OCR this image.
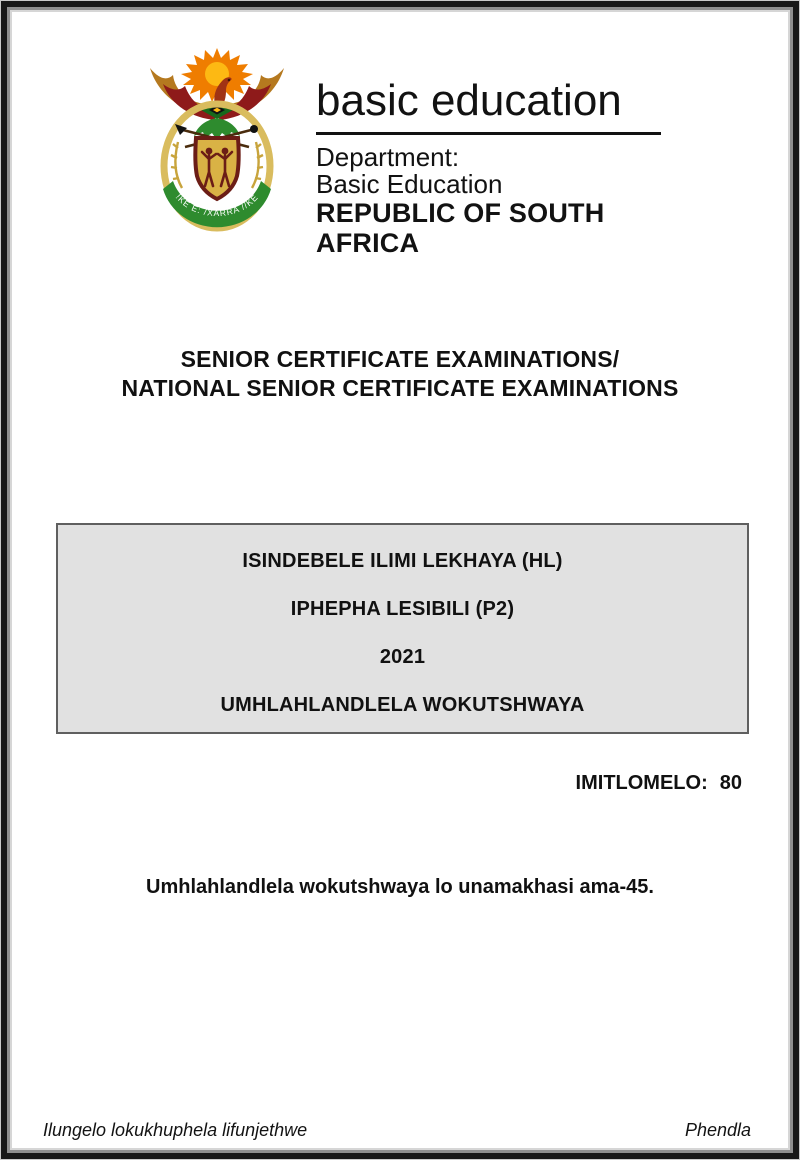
!KE E: /XARRA //KE
basic education
Department:
Basic Education
REPUBLIC OF SOUTH AFRICA
SENIOR CERTIFICATE EXAMINATIONS/
NATIONAL SENIOR CERTIFICATE EXAMINATIONS

ISINDEBELE ILIMI LEKHAYA (HL)

IPHEPHA LESIBILI (P2)

2021

UMHLAHLANDLELA WOKUTSHWAYA

IMITLOMELO: 80
Umhlahlandlela wokutshwaya lo unamakhasi ama-45.
Ilungelo lokukhuphela lifunjethwe	Phendla
